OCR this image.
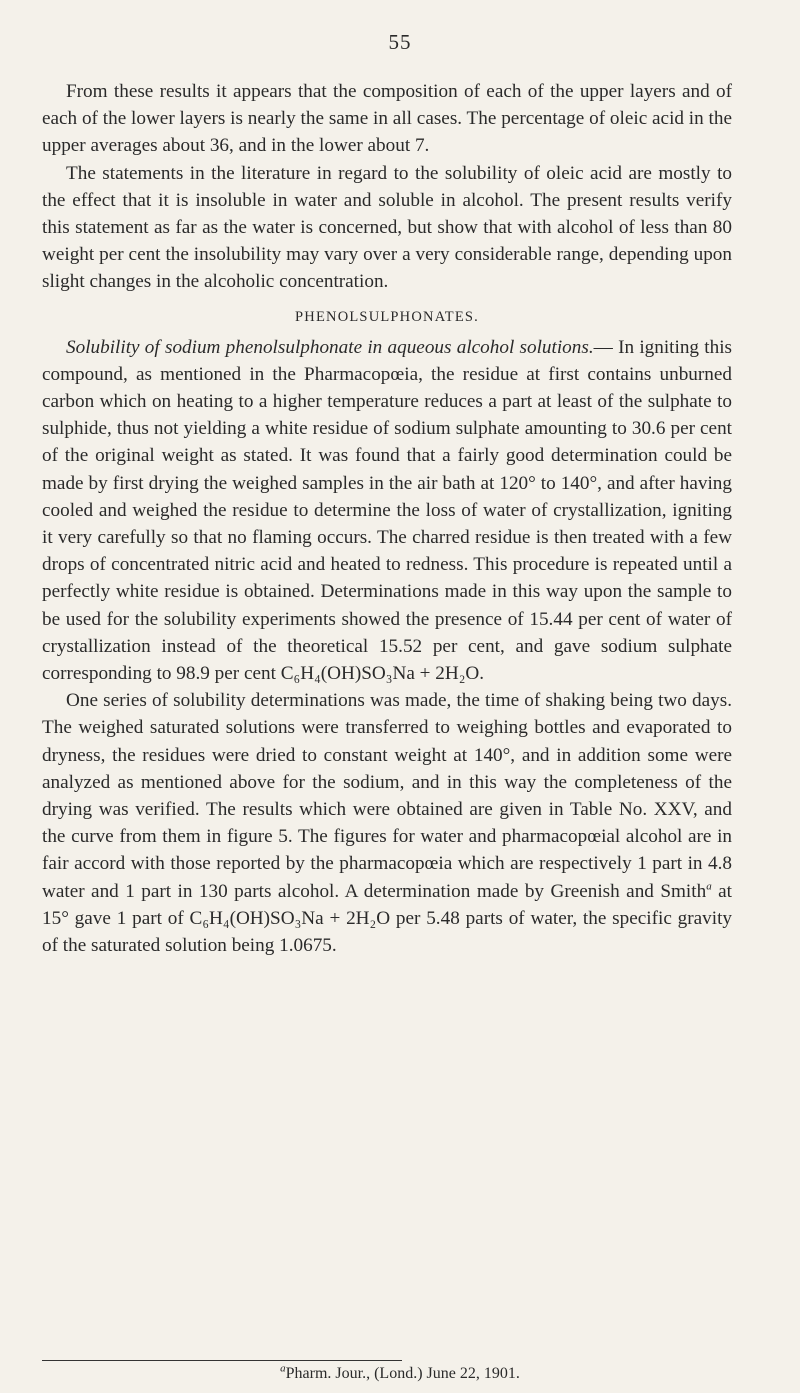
55

From these results it appears that the composition of each of the upper layers and of each of the lower layers is nearly the same in all cases. The percentage of oleic acid in the upper averages about 36, and in the lower about 7.

The statements in the literature in regard to the solubility of oleic acid are mostly to the effect that it is insoluble in water and soluble in alcohol. The present results verify this statement as far as the water is concerned, but show that with alcohol of less than 80 weight per cent the insolubility may vary over a very considerable range, depending upon slight changes in the alcoholic concentration.

PHENOLSULPHONATES.

Solubility of sodium phenolsulphonate in aqueous alcohol solutions.— In igniting this compound, as mentioned in the Pharmacopœia, the residue at first contains unburned carbon which on heating to a higher temperature reduces a part at least of the sulphate to sulphide, thus not yielding a white residue of sodium sulphate amounting to 30.6 per cent of the original weight as stated. It was found that a fairly good determination could be made by first drying the weighed samples in the air bath at 120° to 140°, and after having cooled and weighed the residue to determine the loss of water of crystallization, igniting it very carefully so that no flaming occurs. The charred residue is then treated with a few drops of concentrated nitric acid and heated to redness. This procedure is repeated until a perfectly white residue is obtained. Determinations made in this way upon the sample to be used for the solubility experiments showed the presence of 15.44 per cent of water of crystallization instead of the theoretical 15.52 per cent, and gave sodium sulphate corresponding to 98.9 per cent C₆H₄(OH)SO₃Na + 2H₂O.

One series of solubility determinations was made, the time of shaking being two days. The weighed saturated solutions were transferred to weighing bottles and evaporated to dryness, the residues were dried to constant weight at 140°, and in addition some were analyzed as mentioned above for the sodium, and in this way the completeness of the drying was verified. The results which were obtained are given in Table No. XXV, and the curve from them in figure 5. The figures for water and pharmacopœial alcohol are in fair accord with those reported by the pharmacopœia which are respectively 1 part in 4.8 water and 1 part in 130 parts alcohol. A determination made by Greenish and Smith$^a$ at 15° gave 1 part of C₆H₄(OH)SO₃Na + 2H₂O per 5.48 parts of water, the specific gravity of the saturated solution being 1.0675.

$^a$Pharm. Jour., (Lond.) June 22, 1901.
